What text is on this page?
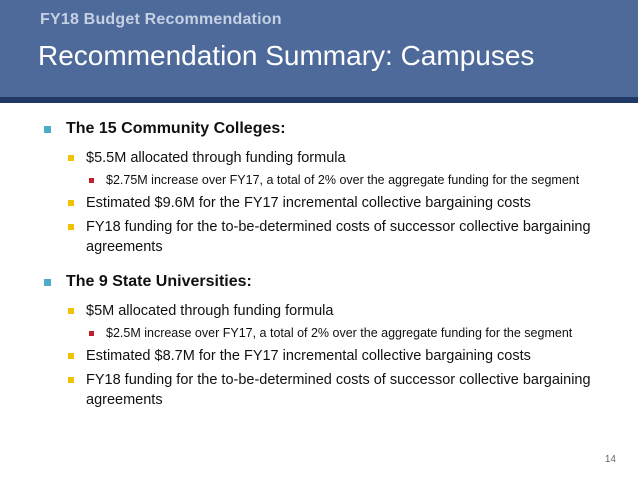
FY18 Budget Recommendation
Recommendation Summary: Campuses
The 15 Community Colleges:
$5.5M allocated through funding formula
$2.75M increase over FY17, a total of 2% over the aggregate funding for the segment
Estimated $9.6M for the FY17 incremental collective bargaining costs
FY18 funding for the to-be-determined costs of successor collective bargaining agreements
The 9 State Universities:
$5M allocated through funding formula
$2.5M increase over FY17, a total of 2% over the aggregate funding for the segment
Estimated $8.7M for the FY17 incremental collective bargaining costs
FY18 funding for the to-be-determined costs of successor collective bargaining agreements
14
